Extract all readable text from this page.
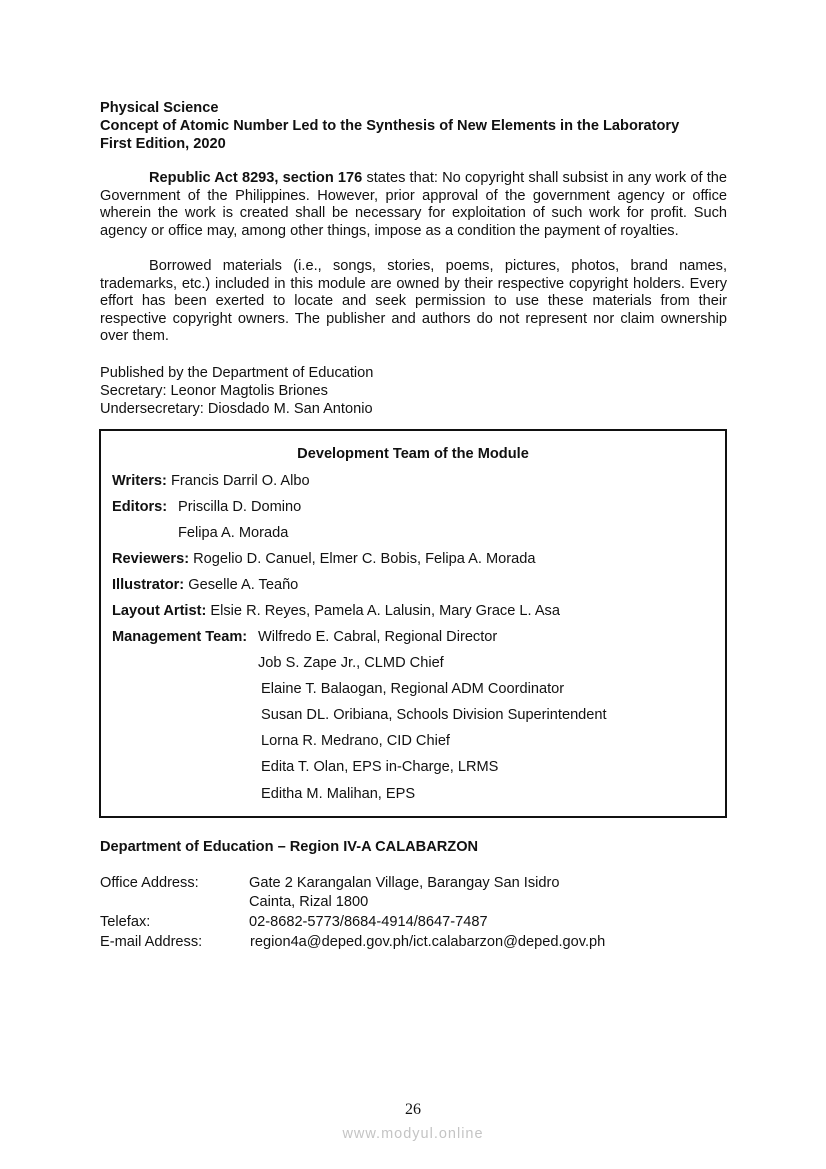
Physical Science
Concept of Atomic Number Led to the Synthesis of New Elements in the Laboratory
First Edition, 2020
Republic Act 8293, section 176 states that: No copyright shall subsist in any work of the Government of the Philippines. However, prior approval of the government agency or office wherein the work is created shall be necessary for exploitation of such work for profit. Such agency or office may, among other things, impose as a condition the payment of royalties.
Borrowed materials (i.e., songs, stories, poems, pictures, photos, brand names, trademarks, etc.) included in this module are owned by their respective copyright holders. Every effort has been exerted to locate and seek permission to use these materials from their respective copyright owners. The publisher and authors do not represent nor claim ownership over them.
Published by the Department of Education
Secretary: Leonor Magtolis Briones
Undersecretary: Diosdado M. San Antonio
Development Team of the Module
Writers: Francis Darril O. Albo
Editors: Priscilla D. Domino
Felipa A. Morada
Reviewers: Rogelio D. Canuel, Elmer C. Bobis, Felipa A. Morada
Illustrator: Geselle A. Teaño
Layout Artist: Elsie R. Reyes, Pamela A. Lalusin, Mary Grace L. Asa
Management Team: Wilfredo E. Cabral, Regional Director
Job S. Zape Jr., CLMD Chief
Elaine T. Balaogan, Regional ADM Coordinator
Susan DL. Oribiana, Schools Division Superintendent
Lorna R. Medrano, CID Chief
Edita T. Olan, EPS in-Charge, LRMS
Editha M. Malihan, EPS
Department of Education – Region IV-A CALABARZON
Office Address:	Gate 2 Karangalan Village, Barangay San Isidro
Cainta, Rizal 1800
Telefax:	02-8682-5773/8684-4914/8647-7487
E-mail Address:	region4a@deped.gov.ph/ict.calabarzon@deped.gov.ph
26
www.modyul.online
